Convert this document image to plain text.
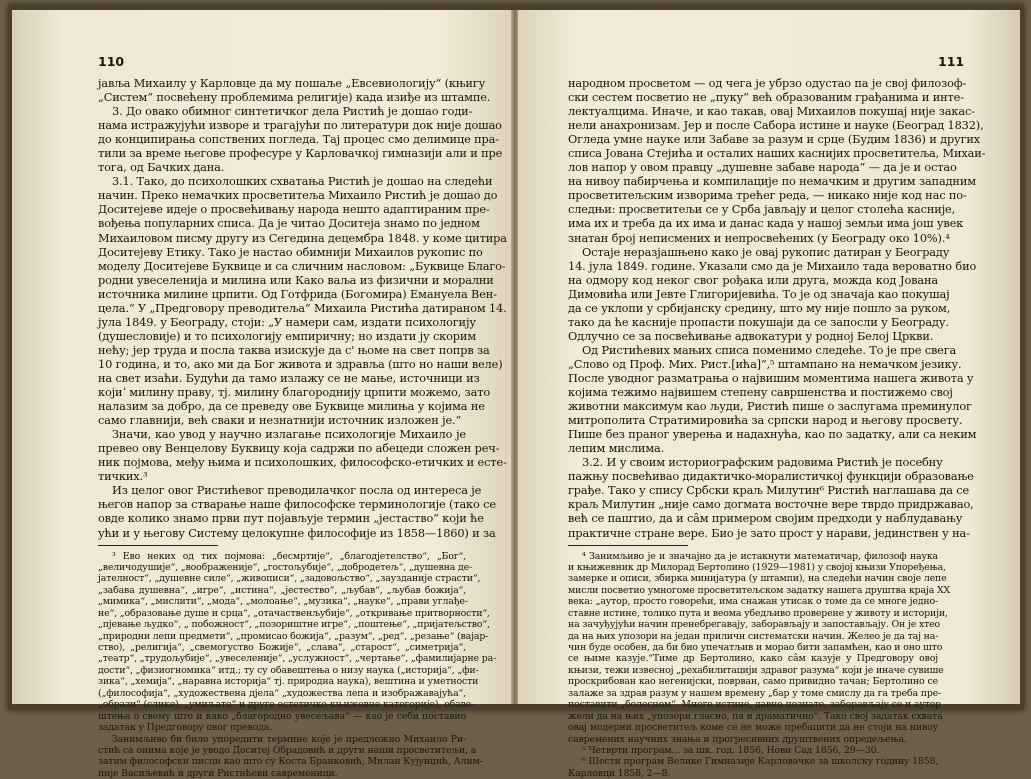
110
јавља Михаилу у Карловце да му пошаље „Евсевиологију“ (књигу
„Систем“ посвећену проблемима религије) када изиђе из штампе.
3. До овако обимног синтетичког дела Ристић је дошао годи-
нама истражујући изворе и трагајући по литератури док није дошао
до конципирања сопствених погледа. Тај процес смо делимице пра-
тили за време његове професуре у Карловачкој гимназији али и пре
тога, од Бачких дана.
3.1. Тако, до психолошких схватања Ристић је дошао на следећи
начин. Преко немачких просветитеља Михаило Ристић је дошао до
Доситејеве идеје о просвећивању народа нешто адаптираним пре-
вођења популарних списа. Да је читао Доситеја знамо по једном
Михаиловом писму другу из Сегедина децембра 1848. у коме цитира
Доситејеву Етику. Тако је настао обимнији Михаилов рукопис по
моделу Доситејеве Буквице и са сличним насловом: „Буквице Благо-
родни увеселенија и милина или Како ваља из физични и морални
источника милине црпити. Од Готфрида (Богомира) Емануела Вен-
цела.“ У „Предговору преводитеља“ Михаила Ристића датираном 14.
јула 1849. у Београду, стоји: „У намери сам, издати психологију
(душесловије) и то психологију емпиричну; но издати ју скорим
нећу; јер труда и посла таква изискује да с' њоме на свет попрв за
10 година, и то, ако ми да Бог живота и здравља (што но наши веле)
на свет изаћи. Будући да тамо излажу се не мање, источници из
којиʼ милину праву, тј. милину благородниjу црпити можемо, зато
налазим за добро, да се преведу ове Буквице милиња у којима не
само главнији, већ сваки и незнатнији источник изложен је.“
Значи, као увод у научно излагање психологије Михаило је
превео ову Венцелову Буквицу која садржи по абецеди сложен реч-
ник појмова, међу њима и психолошких, философско-етичких и есте-
тичких.³
Из целог овог Ристићевог преводилачког посла од интереса је
његов напор за стварање наше философске терминологије (тако се
овде колико знамо први пут појављује термин „јестаство“ који ће
ући и у његову Систему целокупне философије из 1858—1860) и за
³ Ево неких од тих појмова: „бесмртије“, „благодјетелство“, „Бог“,
„величодушије“, „воображеније“, „гостољубије“, „добродетељ“, „душевна де-
јателност“, „душевне силе“, „живописи“, „задовољство“, „заузданије страсти“,
„забава душевна“, „игре“, „истина“, „јестество“, „љубав“, „љубав божија“,
„мимика“, „мислити“, „мода“, „молоање“, „музика“, „науке“, „прави углађе-
не“, „образовање душе и срца“, „отачаственљубије“, „откривање притворности“,
„пјевање људко“, „ побожност“, „позориштне игре“, „поштење“, „пријатељство“,
„природни лепи предмети“, „промисао божија“, „разум“, „ред“, „резање“ (вајар-
ство), „религија“, „свемогуство Божије“, „слава“, „старост“, „симетрија“,
„театр“, „трудољубије“, „увеселеније“, „услужност“, „чертање“, „фамилијарне ра-
дости“, „физиогномика“ итд.; ту су обавештења о низу наука („историја“, „фи-
зика“, „хемија“, „наравна историја“ тј. природна наука), вештина и уметности
(„философија“, „художествена дјела“ „художества лепа и изображавајућа“,
„образи“ (слике), „умиљато“ и друге естетичко-књижевне категорије), обаве-
штења о свему што и како „благородно увесељава“ — као је себи поставио
задатак у Предговору овог превода.
Занимљиво би било упоредити термине које је предложио Михаило Ри-
стић са онима које је уводо Доситеј Обрадовић и други наши просветитељи, а
затим философски писци као што су Коста Бранковић, Милан Кујунџић, Алим-
пије Васиљевић и други Ристићеви савременици.
111
народном просветом — од чега је убрзо одустао па је свој филозоф-
ски сестем посветио не „пуку“ већ образованим грађанима и инте-
лектуалцима. Иначе, и као такав, овај Михаилов покушај није закас-
нели анахронизам. Јер и после Сабора истине и науке (Београд 1832),
Огледа умне науке или Забаве за разум и срце (Будим 1836) и других
списа Јована Стејића и осталих наших каснијих просветитеља, Михаи-
лов напор у овом правцу „душевне забаве народа“ — да је и остао
на нивоу пабирчења и компилације по немачким и другим западним
просветитељским изворима трећег реда, — никако није код нас по-
следњи: просветитељи се у Срба јављају и целог столећа касније,
има их и треба да их има и данас када у нашој земљи има још увек
знатан број неписмених и непросвећених (у Београду око 10%).⁴
Остаје неразјашњено како је овај рукопис датиран у Београду
14. јула 1849. године. Указали смо да је Михаило тада вероватно био
на одмору код неког свог рођака или друга, можда код Јована
Димовића или Јевте Глигоријевића. То је од значаја као покушај
да се уклопи у србијанску средину, што му није пошло за руком,
тако да ће касније пропасти покушаји да се запосли у Београду.
Одлучно се за посвећивање адвокатури у родној Белој Цркви.
Од Ристићевих мањих списа поменимо следеће. То је пре свега
„Слово од Проф. Мих. Рист.[ића]“,⁵ штампано на немачком језику.
После уводног разматрања о највишим моментима нашега живота у
којима тежимо највишем степену савршенства и постижемо свој
животни максимум као људи, Ристић пише о заслугама преминулог
митрополита Стратимировића за српски народ и његову просвету.
Пише без праног уверења и надахнућа, као по задатку, али са неким
лепим мислима.
3.2. И у своим историографским радовима Ристић је посебну
пажњу посвећивао дидактичко-моралистичкој функцији образовање
грађе. Тако у спису Србски краљ Милутин⁶ Ристић наглашава да се
краљ Милутин „није само догмата восточне вере тврдо придржавао,
већ се паштио, да и сâм примером својим предходи у наблудавању
практичне стране вере. Био је зато прост у нарави, јединствен у на-
⁴ Занимљиво је и значајно да је истакнути математичар, филозоф наука
и књижевник др Милорад Бертолино (1929—1981) у својој књизи Упоређења,
замерке и описи, збирка минијатура (у штампи), на следећи начин своје лепе
мисли посветио умногоме просветитељском задатку нашега друштва краја XX
века: „аутор, просто говорећи, има снажан утисак о томе да се многе једно-
ставне истине, толико пута и веома убедљиво проверене у животу и историји,
на зачуђујући начин пренебрегавају, заборављају и запостављају. Он је хтео
да на њих упозори на један приличн систематски начин. Желео је да тај на-
чин буде особен, да би био упечатљив и морао бити запамћен, као и оно што
се њиме казује.“Тиме др Бертолино, како сâм казује у Предговору овој
књизи, тежи извесној „рехабилитацији здравог разума“ који је иначе сувише
проскрибован као негенијски, поврван, само привидно тачан; Бертолино се
залаже за здрав разум у нашем времену „бар у томе смислу да га треба пре-
поставити „болесном“. Многе истине, давно познате, заборављају се и аутор
жели да на њих „упозори гласно, па и драматично“. Тако свој задатак схвата
овај модерни просветитељ коме се не може пребацити да не стоји на нивоу
савремених научних знања и прогресивних друштвених опредељења.
⁵ Четврти програм... за шк. год. 1856, Нови Сад 1856, 29—30.
⁶ Шести програм Велике Гимназије Карловачке за школску годину 1858,
Карловци 1858, 2—8.
